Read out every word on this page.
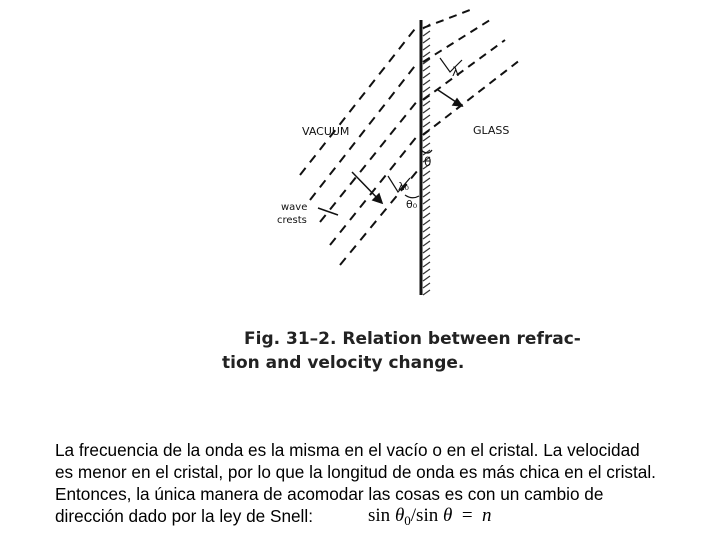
VACUUM	GLASS
wave
crests
λ
λ₀
θ
θ₀
Fig. 31–2. Relation between refrac-
tion and velocity change.

La frecuencia de la onda es la misma en el vacío o en el cristal. La velocidad

es menor en el cristal, por lo que la longitud de onda es más chica en el cristal.

Entonces, la única manera de acomodar las cosas es con un cambio de

dirección dado por la ley de Snell:	$\sin \theta_0/\sin$ θ = n
